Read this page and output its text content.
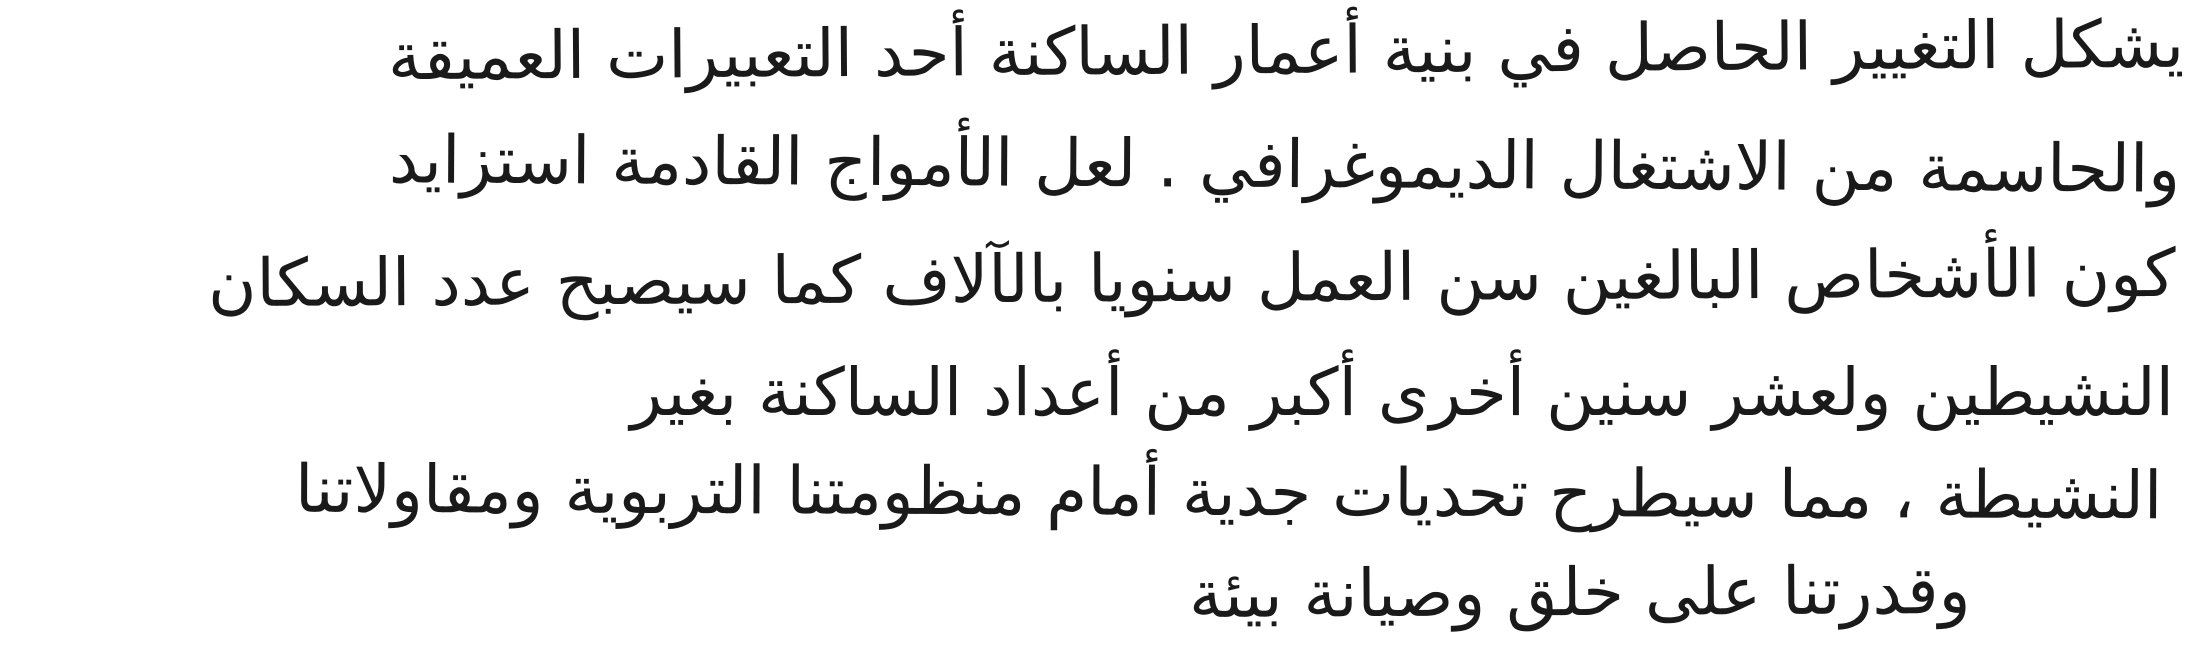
يشكل التغيير الحاصل في بنية أعمار الساكنة أحد التعبيرات العميقة
والحاسمة من الاشتغال الديموغرافي . لعل الأمواج القادمة استزايد
كون الأشخاص البالغين سن العمل سنويا بالآلاف كما سيصبح عدد السكان
النشيطين ولعشر سنين أخرى أكبر من أعداد الساكنة بغير
النشيطة ، مما سيطرح تحديات جدية أمام منظومتنا التربوية ومقاولاتنا
وقدرتنا على خلق وصيانة بيئة
